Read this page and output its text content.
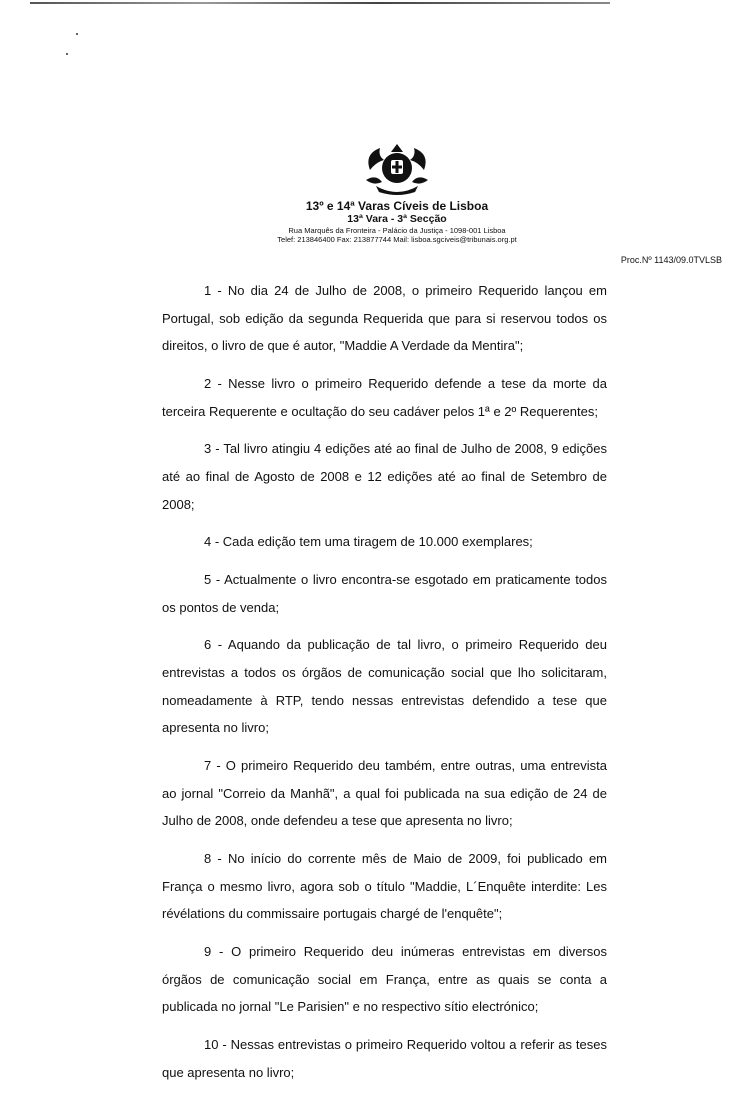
13º e 14ª Varas Cíveis de Lisboa
13ª Vara - 3ª Secção
Rua Marquês da Fronteira - Palácio da Justiça - 1098-001 Lisboa
Telef: 213846400 Fax: 213877744 Mail: lisboa.sgciveis@tribunais.org.pt
Proc.Nº 1143/09.0TVLSB

1 - No dia 24 de Julho de 2008, o primeiro Requerido lançou em Portugal, sob edição da segunda Requerida que para si reservou todos os direitos, o livro de que é autor, "Maddie A Verdade da Mentira";

2 - Nesse livro o primeiro Requerido defende a tese da morte da terceira Requerente e ocultação do seu cadáver pelos 1ª e 2º Requerentes;

3 - Tal livro atingiu 4 edições até ao final de Julho de 2008, 9 edições até ao final de Agosto de 2008 e 12 edições até ao final de Setembro de 2008;

4 - Cada edição tem uma tiragem de 10.000 exemplares;

5 - Actualmente o livro encontra-se esgotado em praticamente todos os pontos de venda;

6 - Aquando da publicação de tal livro, o primeiro Requerido deu entrevistas a todos os órgãos de comunicação social que lho solicitaram, nomeadamente à RTP, tendo nessas entrevistas defendido a tese que apresenta no livro;

7 - O primeiro Requerido deu também, entre outras, uma entrevista ao jornal "Correio da Manhã", a qual foi publicada na sua edição de 24 de Julho de 2008, onde defendeu a tese que apresenta no livro;

8 - No início do corrente mês de Maio de 2009, foi publicado em França o mesmo livro, agora sob o título "Maddie, L´Enquête interdite: Les révélations du commissaire portugais chargé de l'enquête";

9 - O primeiro Requerido deu inúmeras entrevistas em diversos órgãos de comunicação social em França, entre as quais se conta a publicada no jornal "Le Parisien" e no respectivo sítio electrónico;

10 - Nessas entrevistas o primeiro Requerido voltou a referir as teses que apresenta no livro;
